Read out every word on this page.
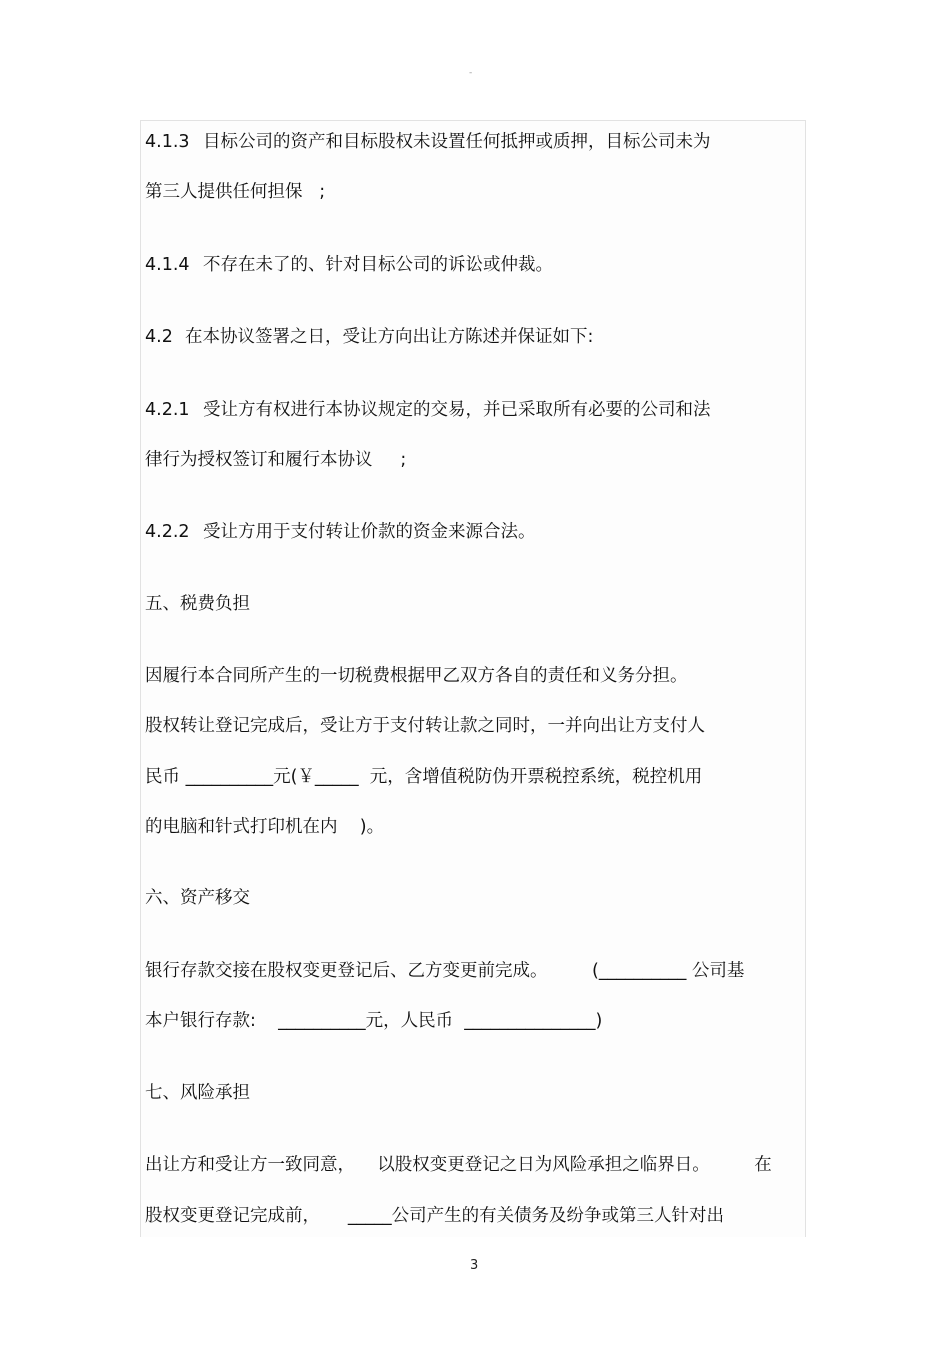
-
4.1.3 目标公司的资产和目标股权未设置任何抵押或质押，目标公司未为
第三人提供任何担保   ;
4.1.4 不存在未了的、针对目标公司的诉讼或仲裁。
4.2 在本协议签署之日，受让方向出让方陈述并保证如下:
4.2.1 受让方有权进行本协议规定的交易，并已采取所有必要的公司和法
律行为授权签订和履行本协议     ;
4.2.2 受让方用于支付转让价款的资金来源合法。
五、税费负担
因履行本合同所产生的一切税费根据甲乙双方各自的责任和义务分担。
股权转让登记完成后，受让方于支付转让款之同时，一并向出让方支付人
民币 __________元(￥_____  元，含增值税防伪开票税控系统，税控机用
的电脑和针式打印机在内    )。
六、资产移交
银行存款交接在股权变更登记后、乙方变更前完成。        (__________ 公司基
本户银行存款:    __________元，人民币  _______________)
七、风险承担
出让方和受让方一致同意，    以股权变更登记之日为风险承担之临界日。        在
股权变更登记完成前，     _____公司产生的有关债务及纷争或第三人针对出
3
